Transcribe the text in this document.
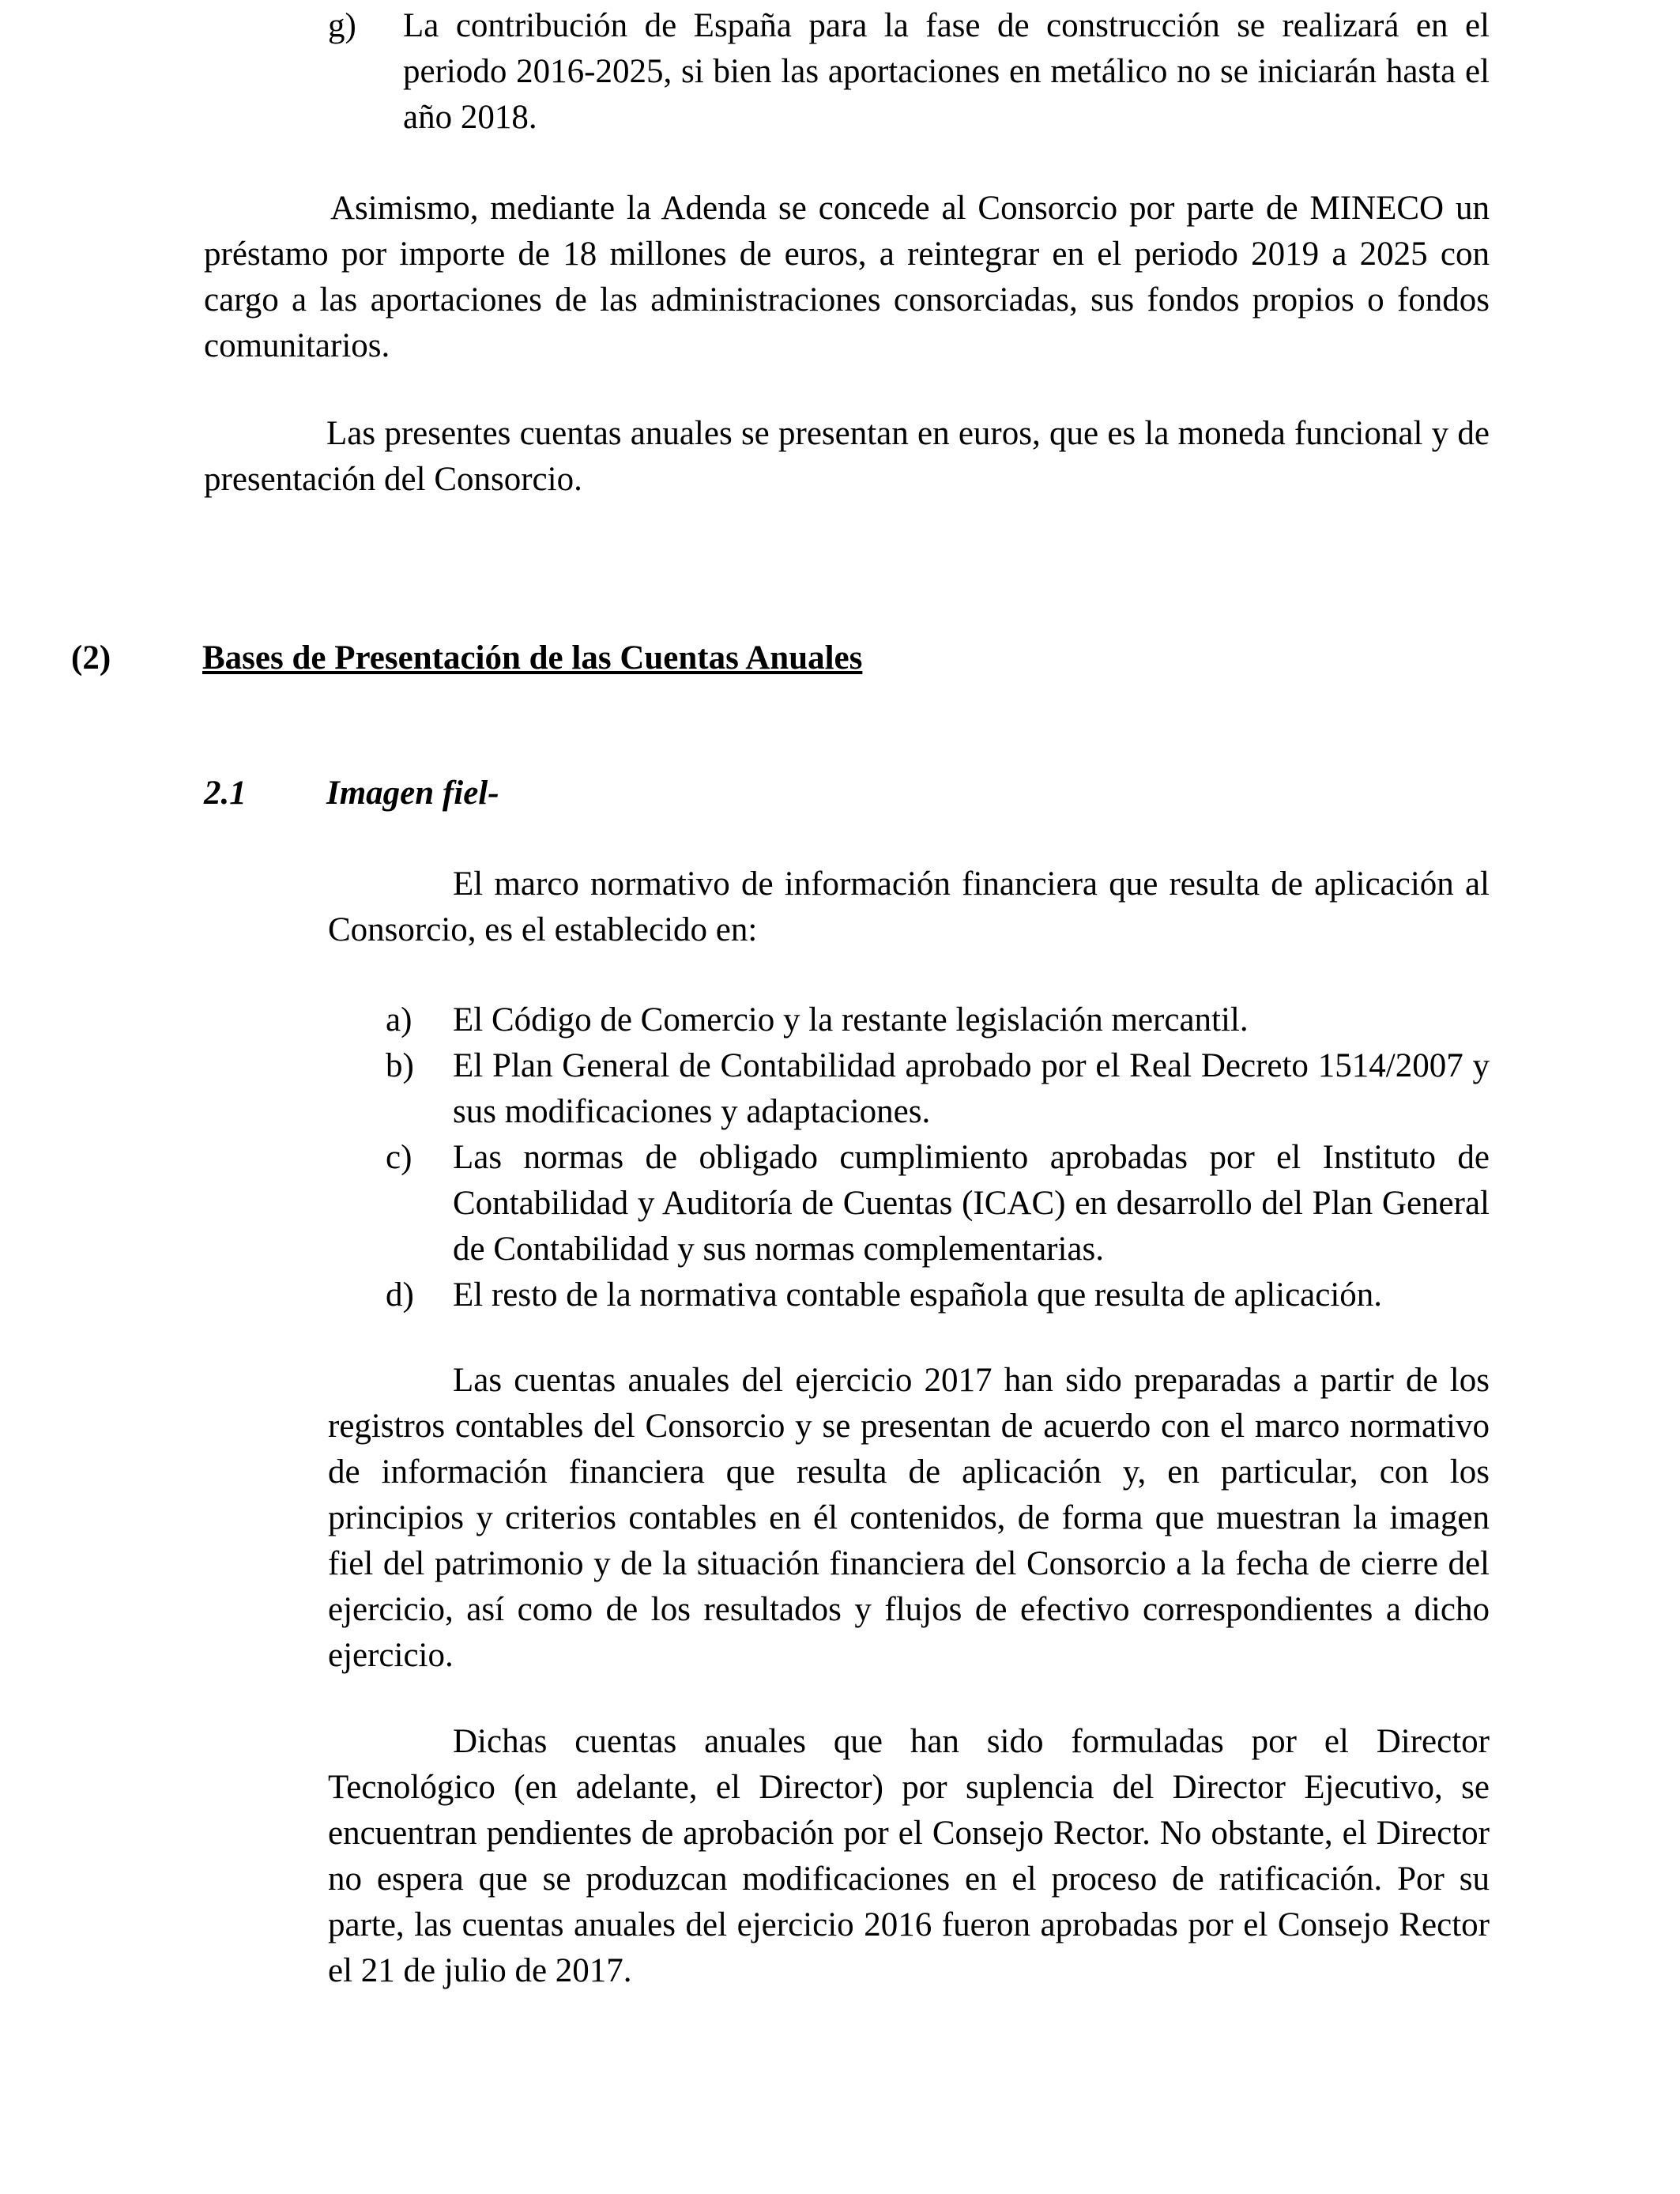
g) La contribución de España para la fase de construcción se realizará en el periodo 2016-2025, si bien las aportaciones en metálico no se iniciarán hasta el año 2018.

Asimismo, mediante la Adenda se concede al Consorcio por parte de MINECO un préstamo por importe de 18 millones de euros, a reintegrar en el periodo 2019 a 2025 con cargo a las aportaciones de las administraciones consorciadas, sus fondos propios o fondos comunitarios.

Las presentes cuentas anuales se presentan en euros, que es la moneda funcional y de presentación del Consorcio.

(2)	Bases de Presentación de las Cuentas Anuales
2.1 Imagen fiel-

El marco normativo de información financiera que resulta de aplicación al Consorcio, es el establecido en:

a)	El Código de Comercio y la restante legislación mercantil.

b)	El Plan General de Contabilidad aprobado por el Real Decreto 1514/2007 y sus modificaciones y adaptaciones.

c)	Las normas de obligado cumplimiento aprobadas por el Instituto de Contabilidad y Auditoría de Cuentas (ICAC) en desarrollo del Plan General de Contabilidad y sus normas complementarias.

d)	El resto de la normativa contable española que resulta de aplicación.

Las cuentas anuales del ejercicio 2017 han sido preparadas a partir de los registros contables del Consorcio y se presentan de acuerdo con el marco normativo de información financiera que resulta de aplicación y, en particular, con los principios y criterios contables en él contenidos, de forma que muestran la imagen fiel del patrimonio y de la situación financiera del Consorcio a la fecha de cierre del ejercicio, así como de los resultados y flujos de efectivo correspondientes a dicho ejercicio.

Dichas cuentas anuales que han sido formuladas por el Director Tecnológico (en adelante, el Director) por suplencia del Director Ejecutivo, se encuentran pendientes de aprobación por el Consejo Rector. No obstante, el Director no espera que se produzcan modificaciones en el proceso de ratificación. Por su parte, las cuentas anuales del ejercicio 2016 fueron aprobadas por el Consejo Rector el 21 de julio de 2017.
